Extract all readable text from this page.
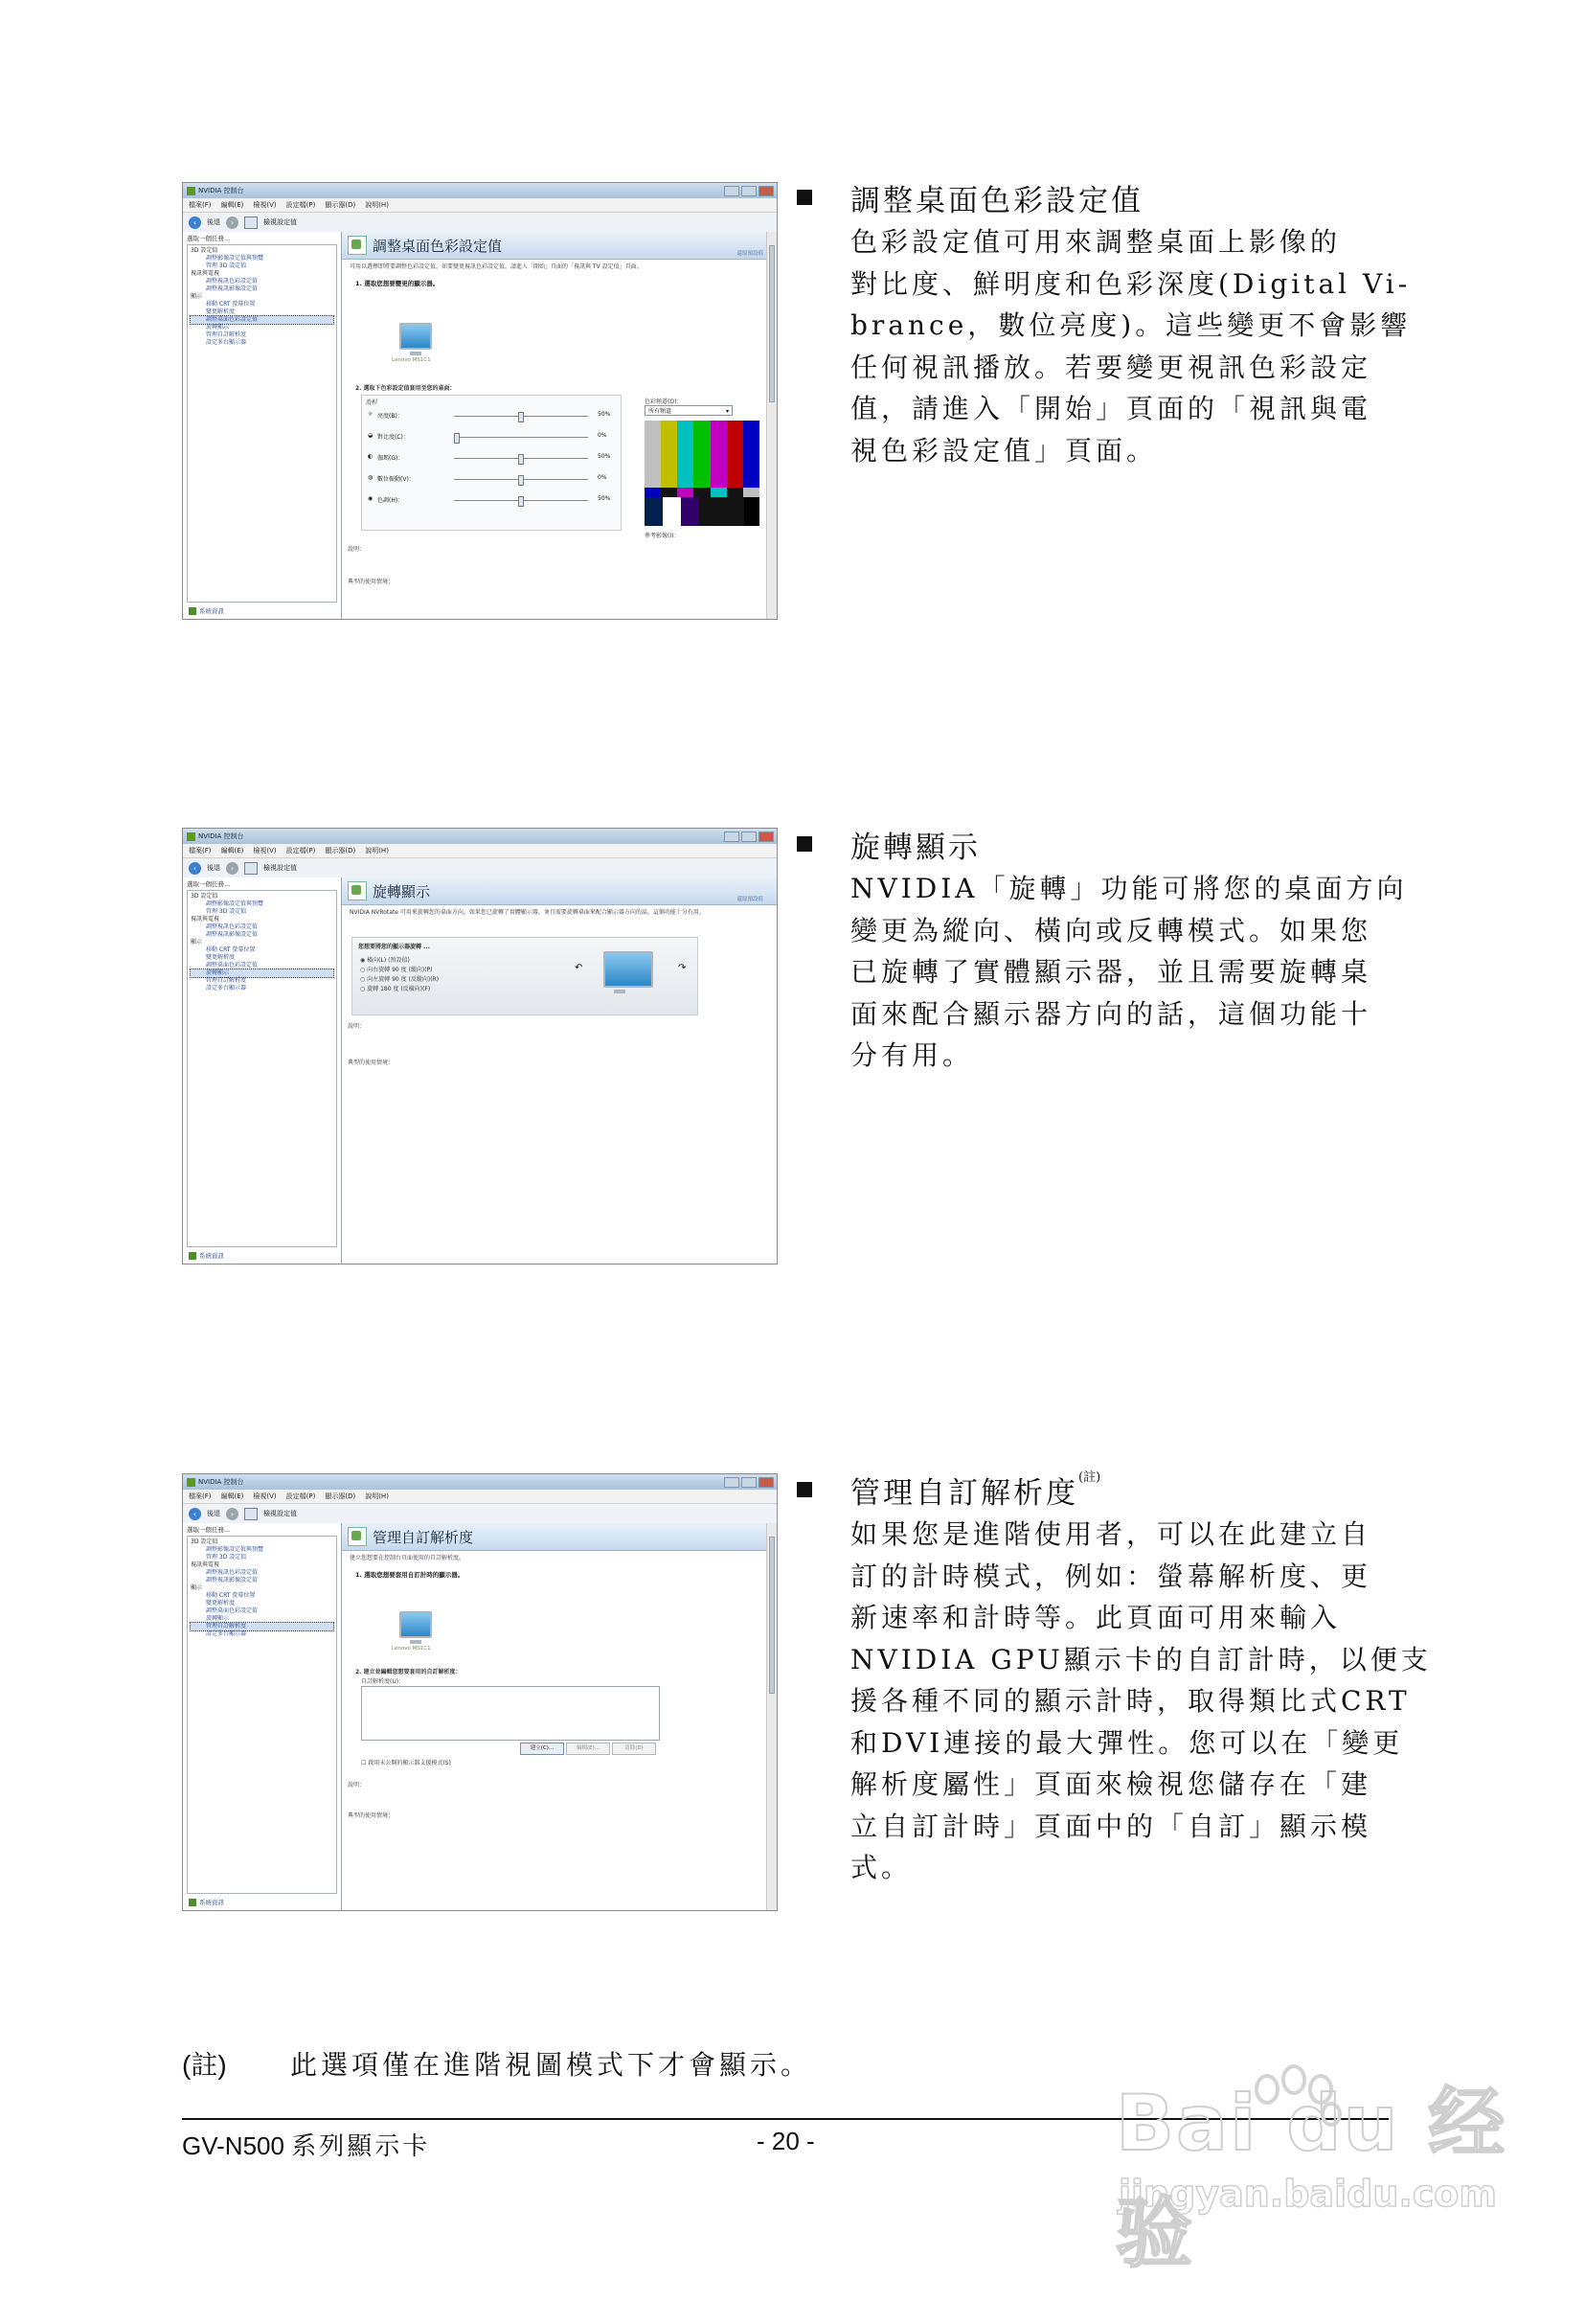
NVIDIA 控制台
檔案(F) 編輯(E) 檢視(V) 設定檔(P) 顯示器(D) 說明(H)
‹	後退	›	檢視設定值
選取一個任務...
3D 設定值
調整影像設定值與預覽
管理 3D 設定值
視訊與電視
調整視訊色彩設定值
調整視訊影像設定值
顯示
移動 CRT 螢幕位置
變更解析度
調整桌面色彩設定值
旋轉顯示
管理自訂解析度
設定多台顯示器
系統資訊
調整桌面色彩設定值	還原預設值
可用以選擇即將要調整色彩設定值，如要變更視訊色彩設定值，請進入「開始」頁面的「視訊與 TV 設定值」頁面。
1. 選取您想要變更的顯示器。
Lenovo MS1C1
2. 選取下色彩設定值套用至您的桌面：
滑桿
☼ 亮度(B)：	50%
◒ 對比度(C)：	0%
◐ 伽瑪(G)：	50%
◍ 數位振動(V)：	0%
◉ 色調(H)：	50%
色彩頻道(O)：
所有頻道	▾
參考影像(I)：
說明：
典型的使用情境：
NVIDIA 控制台
檔案(F) 編輯(E) 檢視(V) 設定檔(P) 顯示器(D) 說明(H)
‹	後退	›	檢視設定值
選取一個任務...
3D 設定值
調整影像設定值與預覽
管理 3D 設定值
視訊與電視
調整視訊色彩設定值
調整視訊影像設定值
顯示
移動 CRT 螢幕位置
變更解析度
調整桌面色彩設定值
旋轉顯示
管理自訂解析度
設定多台顯示器
系統資訊
旋轉顯示	還原預設值
NVIDIA NVRotate 可用來旋轉您的桌面方向。如果您已旋轉了實體顯示器，並且需要旋轉桌面來配合顯示器方向的話，這個功能十分有用。
您想要將您的顯示器旋轉 ...
◉ 橫向(L) (預設值)
○ 向右旋轉 90 度 (縱向)(P)
○ 向左旋轉 90 度 (反縱向)(R)
○ 旋轉 180 度 (反橫向)(F)
↶	↷
說明：
典型的使用情境：
NVIDIA 控制台
檔案(F) 編輯(E) 檢視(V) 設定檔(P) 顯示器(D) 說明(H)
‹	後退	›	檢視設定值
選取一個任務...
3D 設定值
調整影像設定值與預覽
管理 3D 設定值
視訊與電視
調整視訊色彩設定值
調整視訊影像設定值
顯示
移動 CRT 螢幕位置
變更解析度
調整桌面色彩設定值
旋轉顯示
管理自訂解析度
設定多台顯示器
系統資訊
管理自訂解析度
建立您想要在控制台頁面使用的自訂解析度。
1. 選取您想要套用自訂計時的顯示器。
Lenovo MS1C1
2. 建立並編輯您想要套用的自訂解析度：
自訂解析度(U)：
建立(C)...	編輯(E)...	清除(D)
☐ 啟用未公開的顯示器支援模式(S)
說明：
典型的使用情境：
調整桌面色彩設定值
色彩設定值可用來調整桌面上影像的
對比度、鮮明度和色彩深度(Digital Vi-
brance，數位亮度)。這些變更不會影響
任何視訊播放。若要變更視訊色彩設定
值，請進入「開始」頁面的「視訊與電
視色彩設定值」頁面。
旋轉顯示
NVIDIA「旋轉」功能可將您的桌面方向
變更為縱向、橫向或反轉模式。如果您
已旋轉了實體顯示器，並且需要旋轉桌
面來配合顯示器方向的話，這個功能十
分有用。
管理自訂解析度$^{(註)}$
如果您是進階使用者，可以在此建立自
訂的計時模式，例如：螢幕解析度、更
新速率和計時等。此頁面可用來輸入
NVIDIA GPU顯示卡的自訂計時，以便支
援各種不同的顯示計時，取得類比式CRT
和DVI連接的最大彈性。您可以在「變更
解析度屬性」頁面來檢視您儲存在「建
立自訂計時」頁面中的「自訂」顯示模
式。
(註) 此選項僅在進階視圖模式下才會顯示。
GV-N500 系列顯示卡	- 20 -	Bai du 经验
jingyan.baidu.com
